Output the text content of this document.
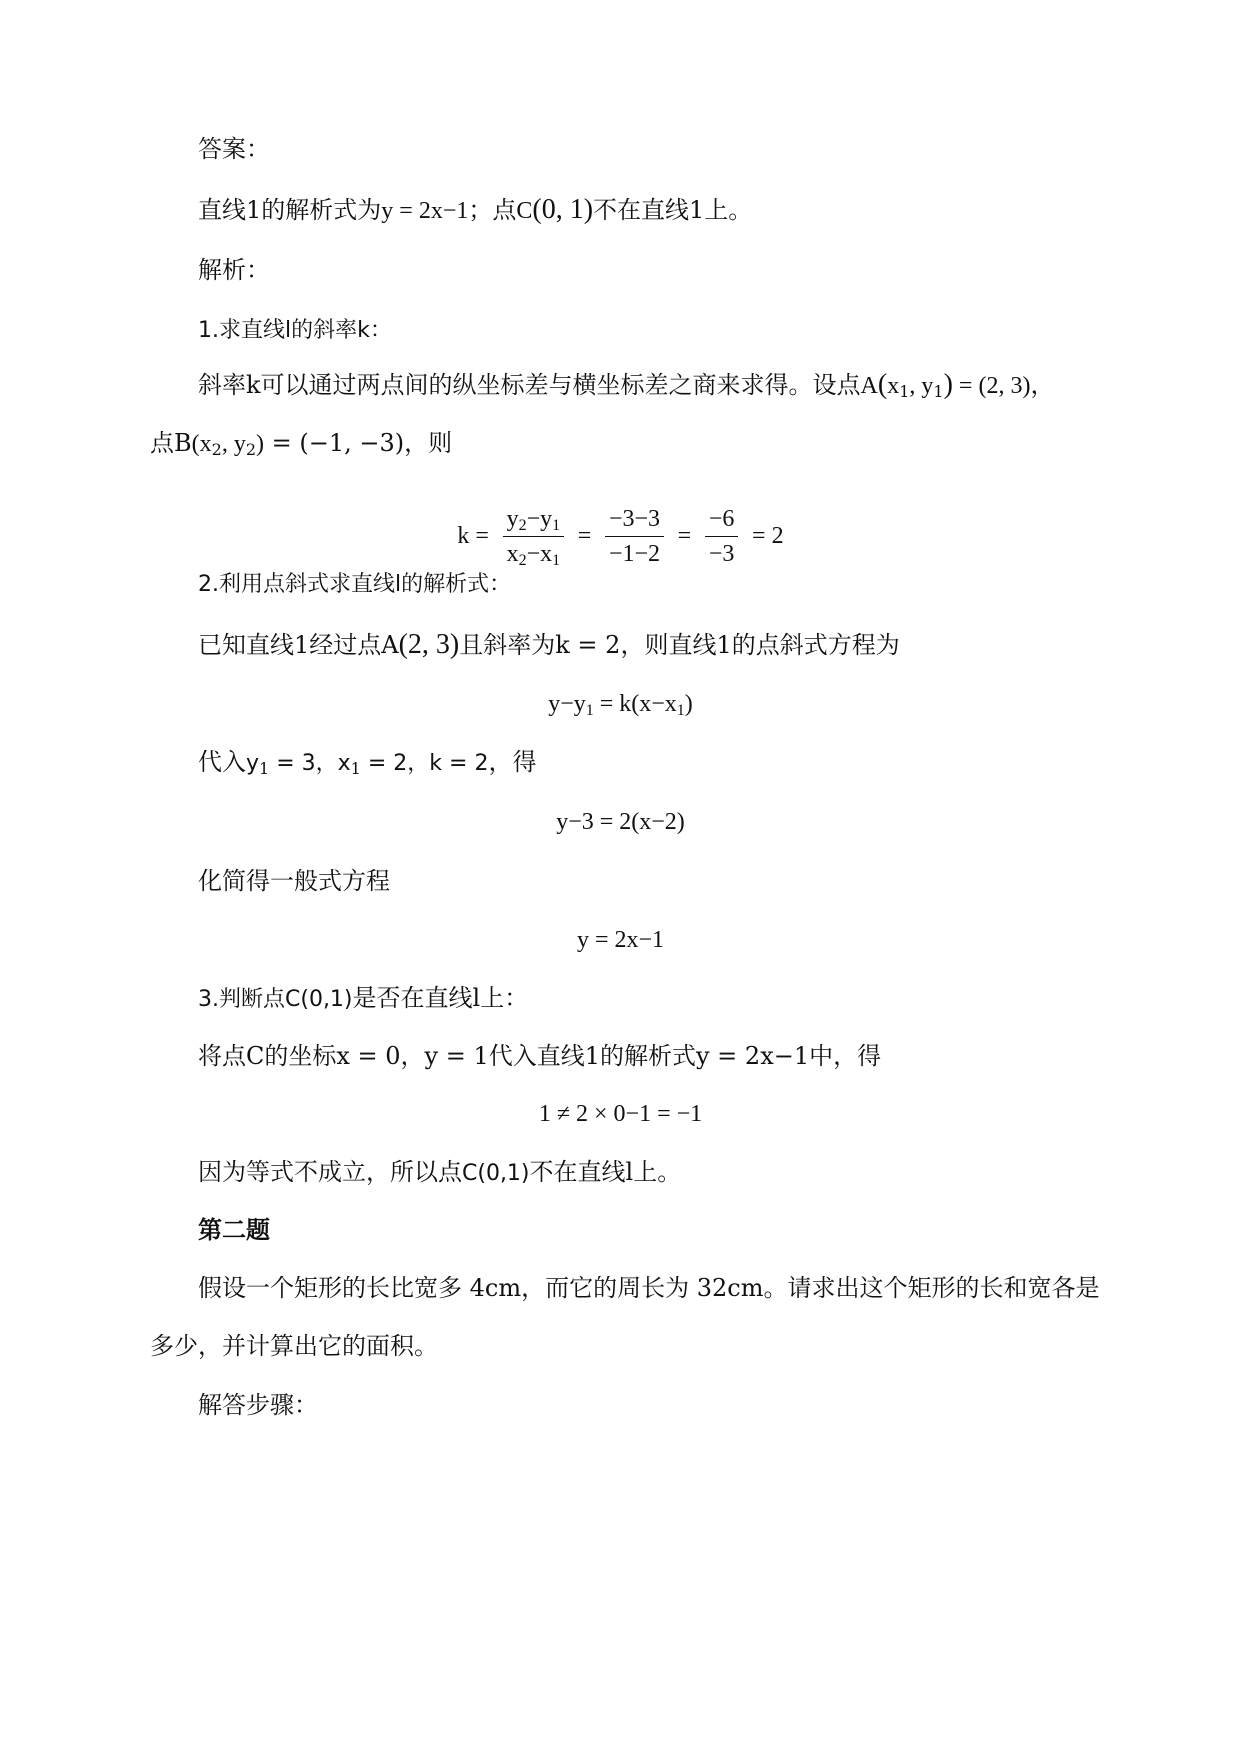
答案：
直线1的解析式为y = 2x−1；点C(0, 1)不在直线1上。
解析：
1.求直线l的斜率k：
斜率k可以通过两点间的纵坐标差与横坐标差之商来求得。设点$A(x_1$, $y_1) = (2$, 3)，
点$B(x_2$, $y_2) = (-1$, −3)，则
$k = \frac{y_2-y_1}{x_2-x_1} = \frac{-3-3}{-1-2} = \frac{-6}{-3} = 2$
2.利用点斜式求直线l的解析式：
已知直线1经过点A(2, 3)且斜率为k = 2，则直线1的点斜式方程为
$y-y_1 = k(x-x_1)$
代入$y_1 = 3$，$x_1 = 2$，k = 2，得
y−3 = 2(x−2)
化简得一般式方程
y = 2x−1
3.判断点C(0,1)是否在直线l上：
将点C的坐标x = 0，y = 1代入直线1的解析式y = 2x−1中，得
1 ≠ 2 × 0−1 = −1
因为等式不成立，所以点C(0,1)不在直线l上。
第二题
假设一个矩形的长比宽多 4cm，而它的周长为 32cm。请求出这个矩形的长和宽各是
多少，并计算出它的面积。
解答步骤：
